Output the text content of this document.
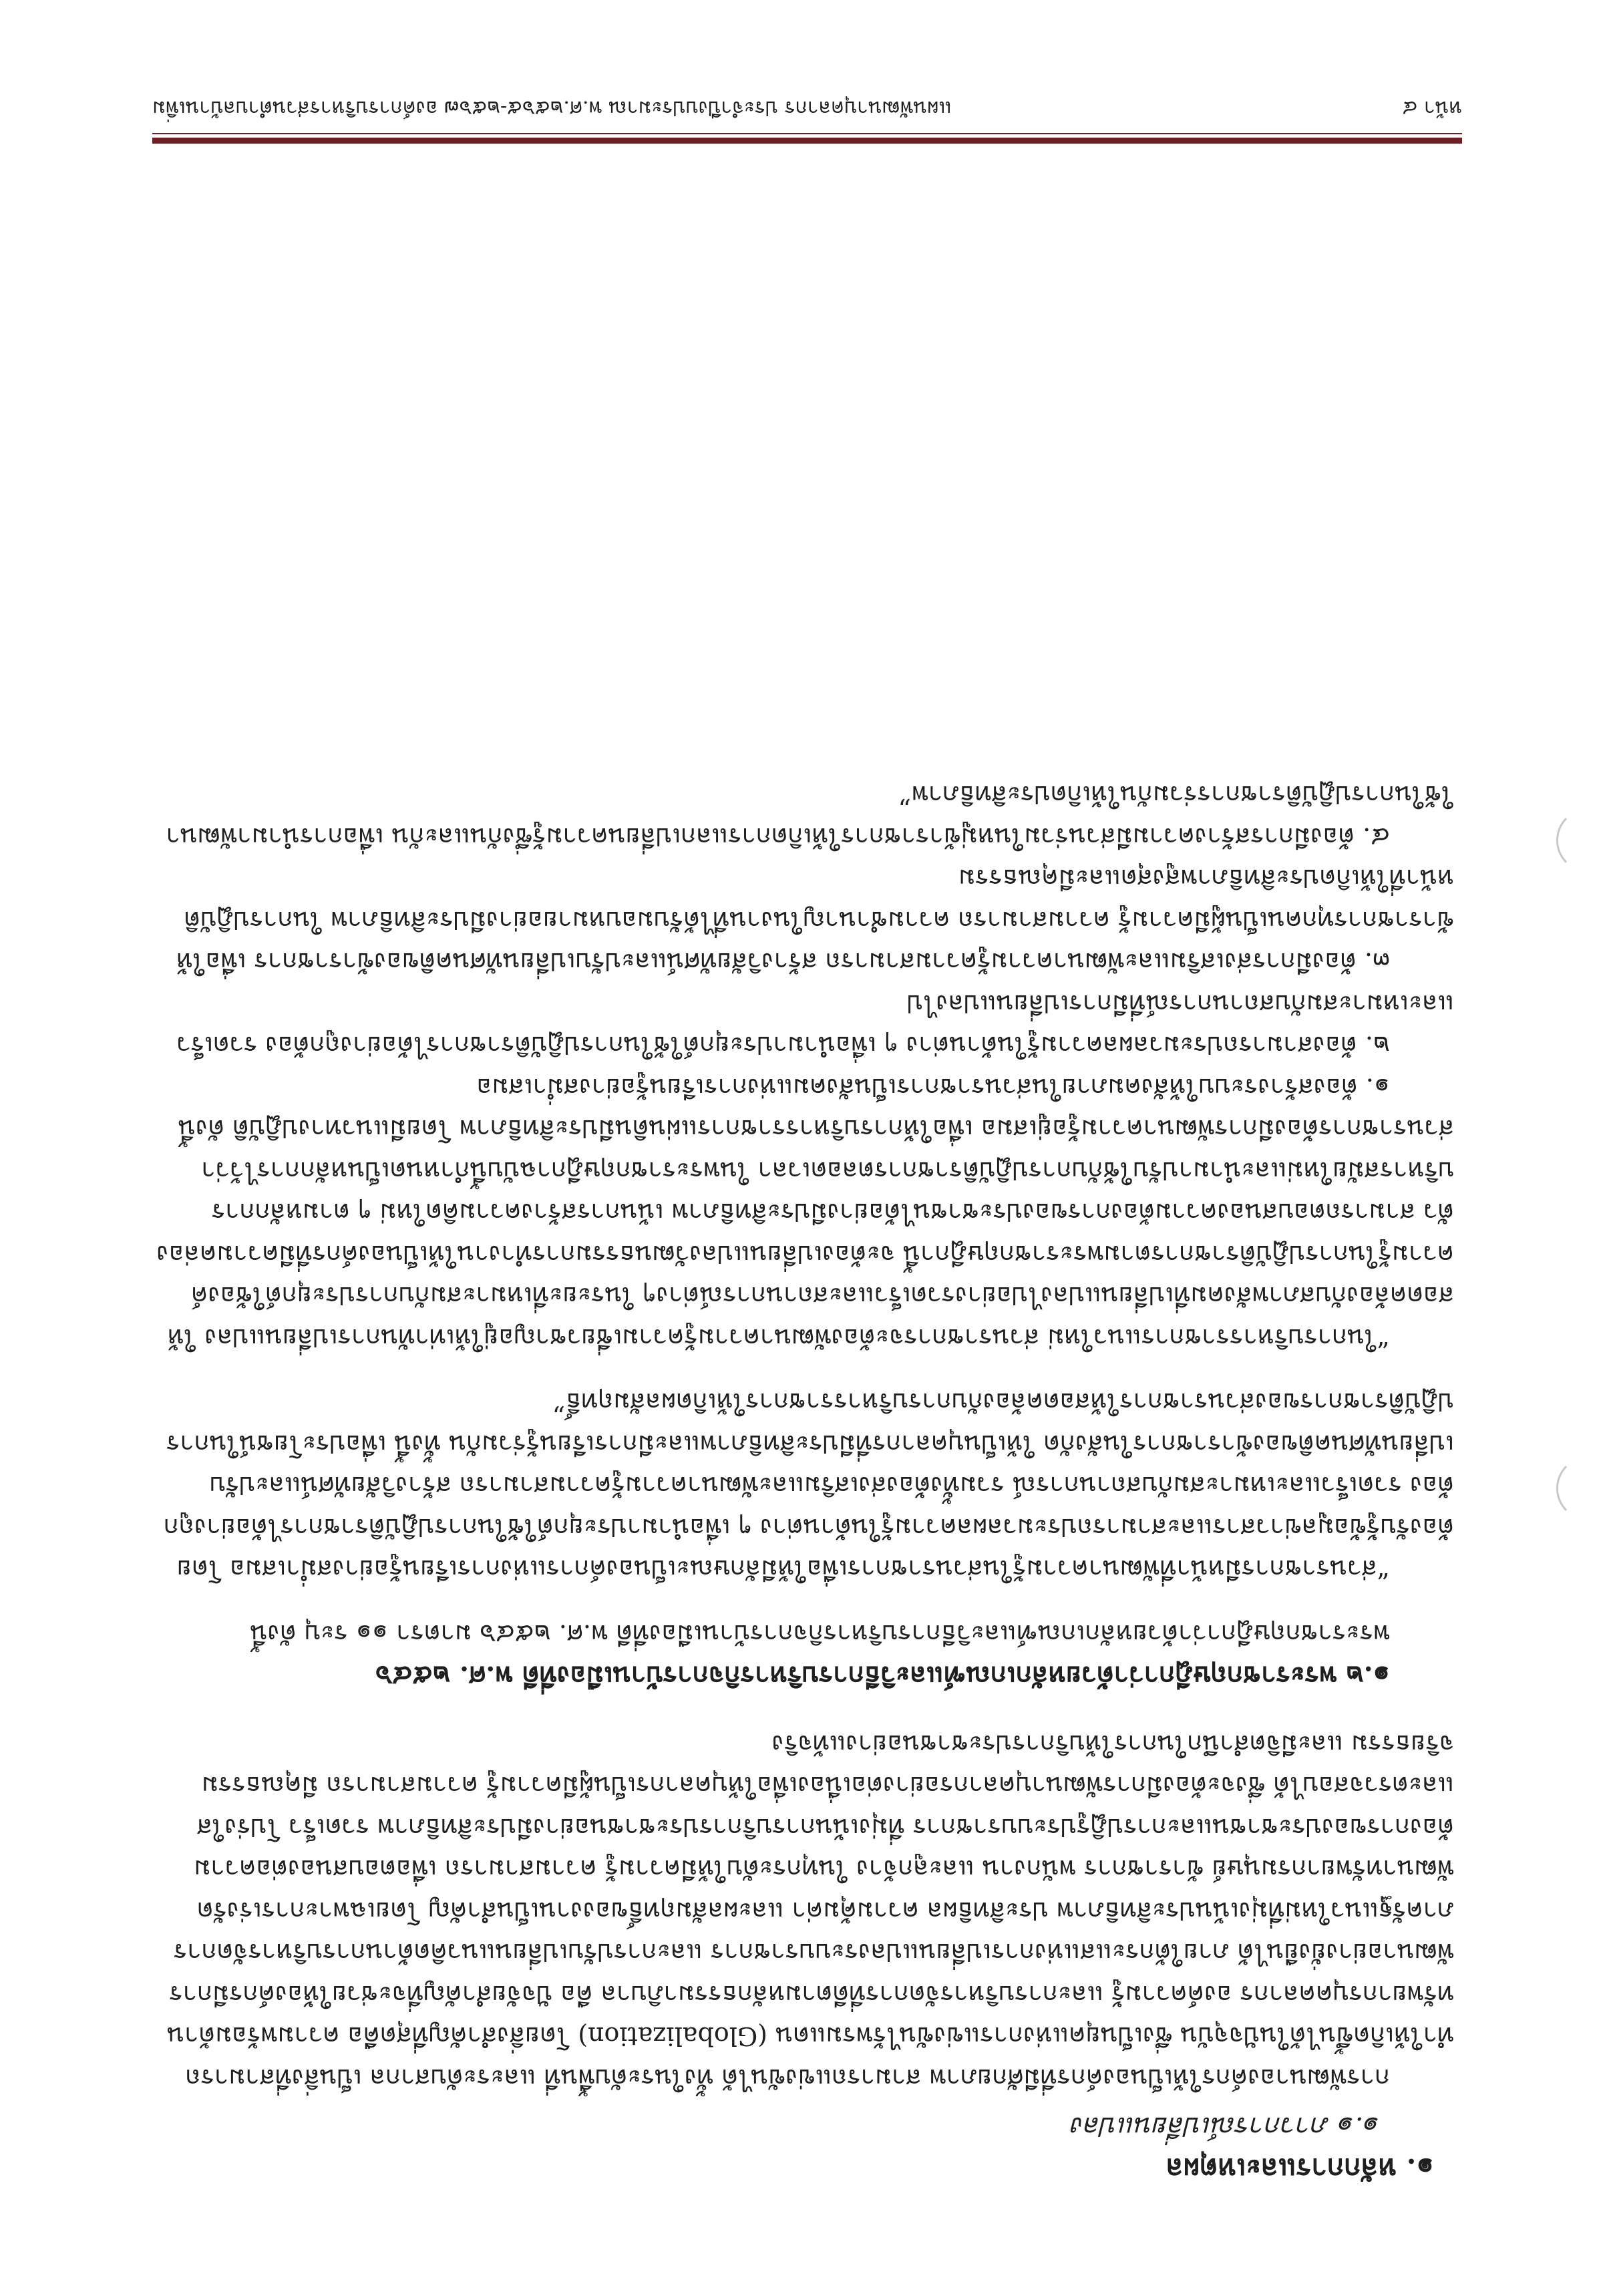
หน้า ๔
แผนพัฒนาบุคลากร ประจำปีงบประมาณ พ.ศ.๒๕๖๕-๒๕๖๗ องค์การบริหารส่วนตำบลบ้านเพิ่ม

๑. หลักการและเหตุผล

๑.๑ ภาวการณ์เปลี่ยนแปลง

การพัฒนาองค์กรให้เป็นองค์กรที่มีศักยภาพ สามารถแข่งขันได้ ทั้งในระดับพื้นที่ และระดับสากล เป็นสิ่งที่สามารถทำให้เกิดขึ้นได้ในปัจจุบัน ซึ่งเป็นยุคแห่งการแข่งขันไร้พรมแดน (Globalization) โดยสิ่งสำคัญที่สุดคือ ความพร้อมด้านทรัพยากรบุคคลากร องค์ความรู้ และการบริหารจัดการที่ดีตามหลักธรรมาภิบาล คือ ปัจจัยสำคัญที่จะช่วยให้องค์กรมีการพัฒนาอย่างยั่งยืนได้ ภายใต้กระแสแห่งการเปลี่ยนแปลงระบบราชการ และการปรับเปลี่ยนแนวคิดด้านการบริหารจัดการภาครัฐแนวใหม่ที่มุ่งเน้นประสิทธิภาพ ประสิทธิผล ความคุ้มค่า และผลสัมฤทธิ์ของงานเป็นสำคัญ โดยเฉพาะการเร่งรัดพัฒนาทรัพยากรมนุษย์ ข้าราชการ พนักงาน และลูกจ้าง ในทุกระดับให้มีความรู้ ความสามารถ เพื่อตอบสนองต่อความต้องการของประชาชนและการปฏิรูประบบราชการ ที่มุ่งเน้นการบริการประชาชนอย่างมีประสิทธิภาพ รวดเร็ว โปร่งใส และตรวจสอบได้ ซึ่งจะต้องมีการพัฒนาบุคลากรอย่างต่อเนื่องเพื่อให้บุคลากรเป็นผู้มีความรู้ ความสามารถ มีคุณธรรม จริยธรรม และมีจิตสำนึกในการให้บริการประชาชนอย่างแท้จริง

๑.๒ พระราชกฤษฎีกาว่าด้วยหลักเกณฑ์และวิธีการบริหารกิจการบ้านเมืองที่ดี พ.ศ. ๒๕๔๖

พระราชกฤษฎีกาว่าด้วยหลักเกณฑ์และวิธีการบริหารกิจการบ้านเมืองที่ดี พ.ศ. ๒๕๔๖ มาตรา ๑๑ ระบุ ดังนี้

“ส่วนราชการมีหน้าที่พัฒนาความรู้ในส่วนราชการเพื่อให้มีลักษณะเป็นองค์การแห่งการเรียนรู้อย่างสม่ำเสมอ โดยต้องรับรู้ข้อมูลข่าวสารและสามารถประมวลผลความรู้ในด้านต่าง ๆ เพื่อนำมาประยุกต์ใช้ในการปฏิบัติราชการได้อย่างถูกต้อง รวดเร็วและเหมาะสมกับสถานการณ์ รวมทั้งต้องส่งเสริมและพัฒนาความรู้ความสามารถ สร้างวิสัยทัศน์และปรับเปลี่ยนทัศนคติของข้าราชการในสังกัด ให้เป็นบุคลากรที่มีประสิทธิภาพและมีการเรียนรู้ร่วมกัน ทั้งนี้ เพื่อประโยชน์ในการปฏิบัติราชการของส่วนราชการให้สอดคล้องกับการบริหารราชการให้เกิดผลสัมฤทธิ์”

“ในการบริหารราชการแนวใหม่ ส่วนราชการจะต้องพัฒนาความรู้ความเชี่ยวชาญอยู่ให้เท่าทันการเปลี่ยนแปลง ให้สอดคล้องกับสภาพสังคมที่เปลี่ยนแปลงไปอย่างรวดเร็วและสถานการณ์ต่างๆ ในระยะที่เหมาะสมกับการประยุกต์ใช้องค์ความรู้ในการปฏิบัติราชการตามพระราชกฤษฎีกานี้ จะต้องเปลี่ยนแปลงวัฒนธรรมการทำงานให้เป็นองค์กรที่มีความคล่องตัว สามารถตอบสนองความต้องการของประชาชนได้อย่างมีประสิทธิภาพ เน้นการสร้างความคิดใหม่ ๆ ตามหลักการบริหารสมัยใหม่และนำมาปรับใช้กับการปฏิบัติราชการตลอดเวลา ในพระราชกฤษฎีกาฉบับนี้กำหนดเป็นหลักการไว้ว่า ส่วนราชการต้องมีการพัฒนาความรู้อยู่เสมอ เพื่อให้การบริหารราชการแผ่นดินมีประสิทธิภาพ โดยมีแนวทางปฏิบัติ ดังนี้

๑. ต้องสร้างระบบให้สังคมภายในส่วนราชการเป็นสังคมแห่งการเรียนรู้อย่างสม่ำเสมอ

๒. ต้องสามารถประมวลผลความรู้ในด้านต่าง ๆ เพื่อนำมาประยุกต์ใช้ในการปฏิบัติราชการได้อย่างถูกต้อง รวดเร็วและเหมาะสมกับสถานการณ์ที่มีการเปลี่ยนแปลงไป

๓. ต้องมีการส่งเสริมและพัฒนาความรู้ความสามารถ สร้างวิสัยทัศน์และปรับเปลี่ยนทัศนคติของข้าราชการ เพื่อให้ข้าราชการทุกคนเป็นผู้มีความรู้ ความสามารถ ความชำนาญในงานที่ได้รับมอบหมายอย่างมีประสิทธิภาพ ในการปฏิบัติหน้าที่ให้เกิดประสิทธิภาพสูงสุดและมีคุณธรรม

๔. ต้องมีการสร้างความมีส่วนร่วมในหมู่ข้าราชการให้เกิดการแลกเปลี่ยนความรู้ซึ่งกันและกัน เพื่อการนำมาพัฒนาใช้ในการปฏิบัติราชการร่วมกันให้เกิดประสิทธิภาพ”
